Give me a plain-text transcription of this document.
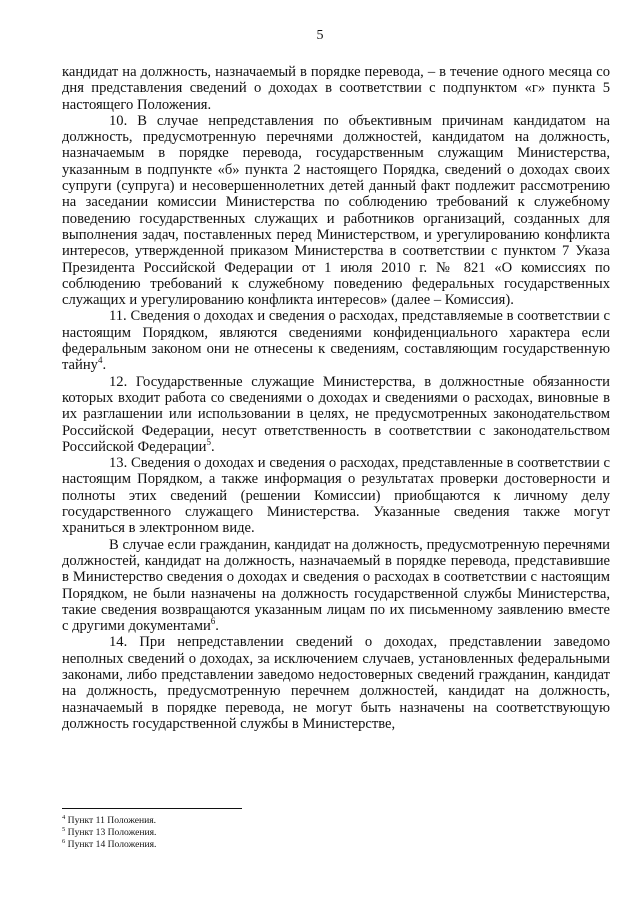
5

кандидат на должность, назначаемый в порядке перевода, – в течение одного месяца со дня представления сведений о доходах в соответствии с подпунктом «г» пункта 5 настоящего Положения.

10. В случае непредставления по объективным причинам кандидатом на должность, предусмотренную перечнями должностей, кандидатом на должность, назначаемым в порядке перевода, государственным служащим Министерства, указанным в подпункте «б» пункта 2 настоящего Порядка, сведений о доходах своих супруги (супруга) и несовершеннолетних детей данный факт подлежит рассмотрению на заседании комиссии Министерства по соблюдению требований к служебному поведению государственных служащих и работников организаций, созданных для выполнения задач, поставленных перед Министерством, и урегулированию конфликта интересов, утвержденной приказом Министерства в соответствии с пунктом 7 Указа Президента Российской Федерации от 1 июля 2010 г. № 821 «О комиссиях по соблюдению требований к служебному поведению федеральных государственных служащих и урегулированию конфликта интересов» (далее – Комиссия).

11. Сведения о доходах и сведения о расходах, представляемые в соответствии с настоящим Порядком, являются сведениями конфиденциального характера если федеральным законом они не отнесены к сведениям, составляющим государственную тайну$^4$.

12. Государственные служащие Министерства, в должностные обязанности которых входит работа со сведениями о доходах и сведениями о расходах, виновные в их разглашении или использовании в целях, не предусмотренных законодательством Российской Федерации, несут ответственность в соответствии с законодательством Российской Федерации$^5$.

13. Сведения о доходах и сведения о расходах, представленные в соответствии с настоящим Порядком, а также информация о результатах проверки достоверности и полноты этих сведений (решении Комиссии) приобщаются к личному делу государственного служащего Министерства. Указанные сведения также могут храниться в электронном виде.

В случае если гражданин, кандидат на должность, предусмотренную перечнями должностей, кандидат на должность, назначаемый в порядке перевода, представившие в Министерство сведения о доходах и сведения о расходах в соответствии с настоящим Порядком, не были назначены на должность государственной службы Министерства, такие сведения возвращаются указанным лицам по их письменному заявлению вместе с другими документами$^6$.

14. При непредставлении сведений о доходах, представлении заведомо неполных сведений о доходах, за исключением случаев, установленных федеральными законами, либо представлении заведомо недостоверных сведений гражданин, кандидат на должность, предусмотренную перечнем должностей, кандидат на должность, назначаемый в порядке перевода, не могут быть назначены на соответствующую должность государственной службы в Министерстве,

$^4$ Пункт 11 Положения.
$^5$ Пункт 13 Положения.
$^6$ Пункт 14 Положения.
